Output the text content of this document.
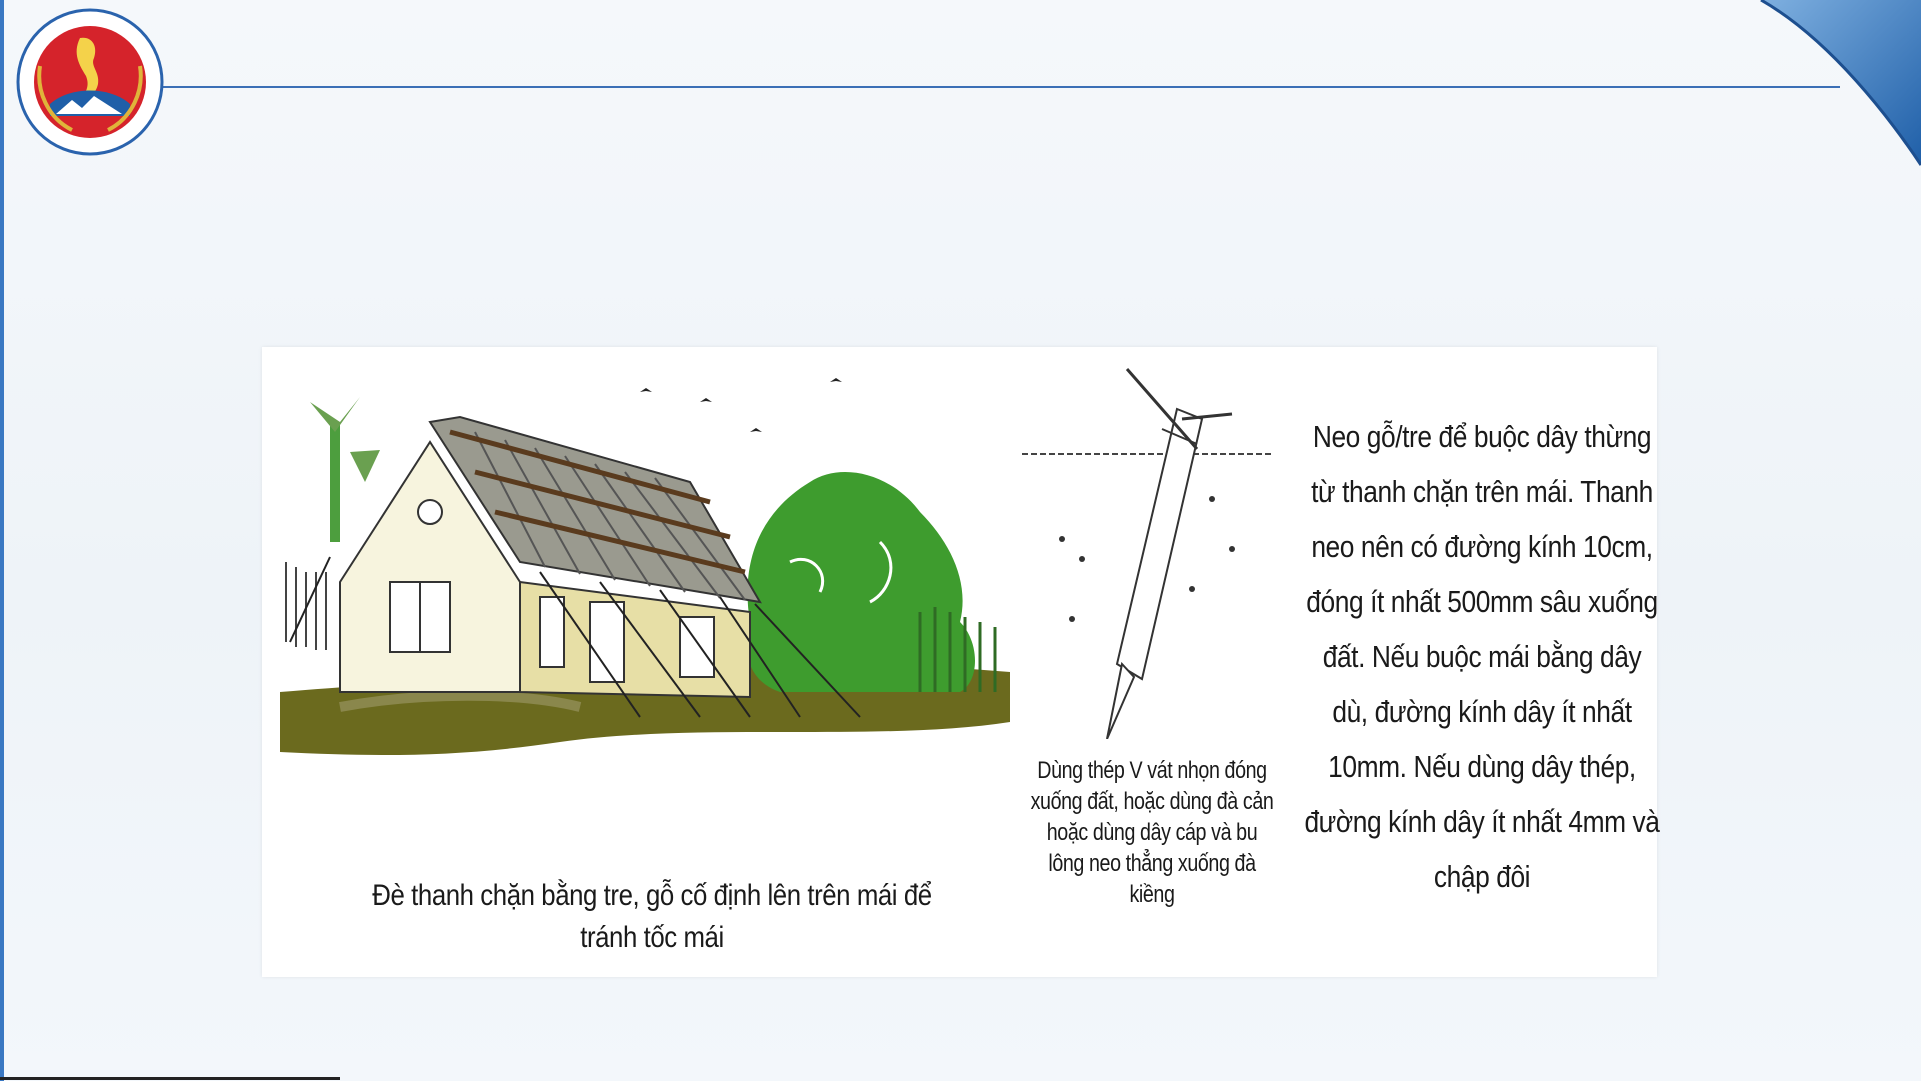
Đè thanh chặn bằng tre, gỗ cố định lên trên mái để tránh tốc mái
Dùng thép V vát nhọn đóng xuống đất, hoặc dùng đà cản hoặc dùng dây cáp và bu lông neo thẳng xuống đà kiềng
Neo gỗ/tre để buộc dây thừng từ thanh chặn trên mái. Thanh neo nên có đường kính 10cm, đóng ít nhất 500mm sâu xuống đất. Nếu buộc mái bằng dây dù, đường kính dây ít nhất 10mm. Nếu dùng dây thép, đường kính dây ít nhất 4mm và chập đôi
